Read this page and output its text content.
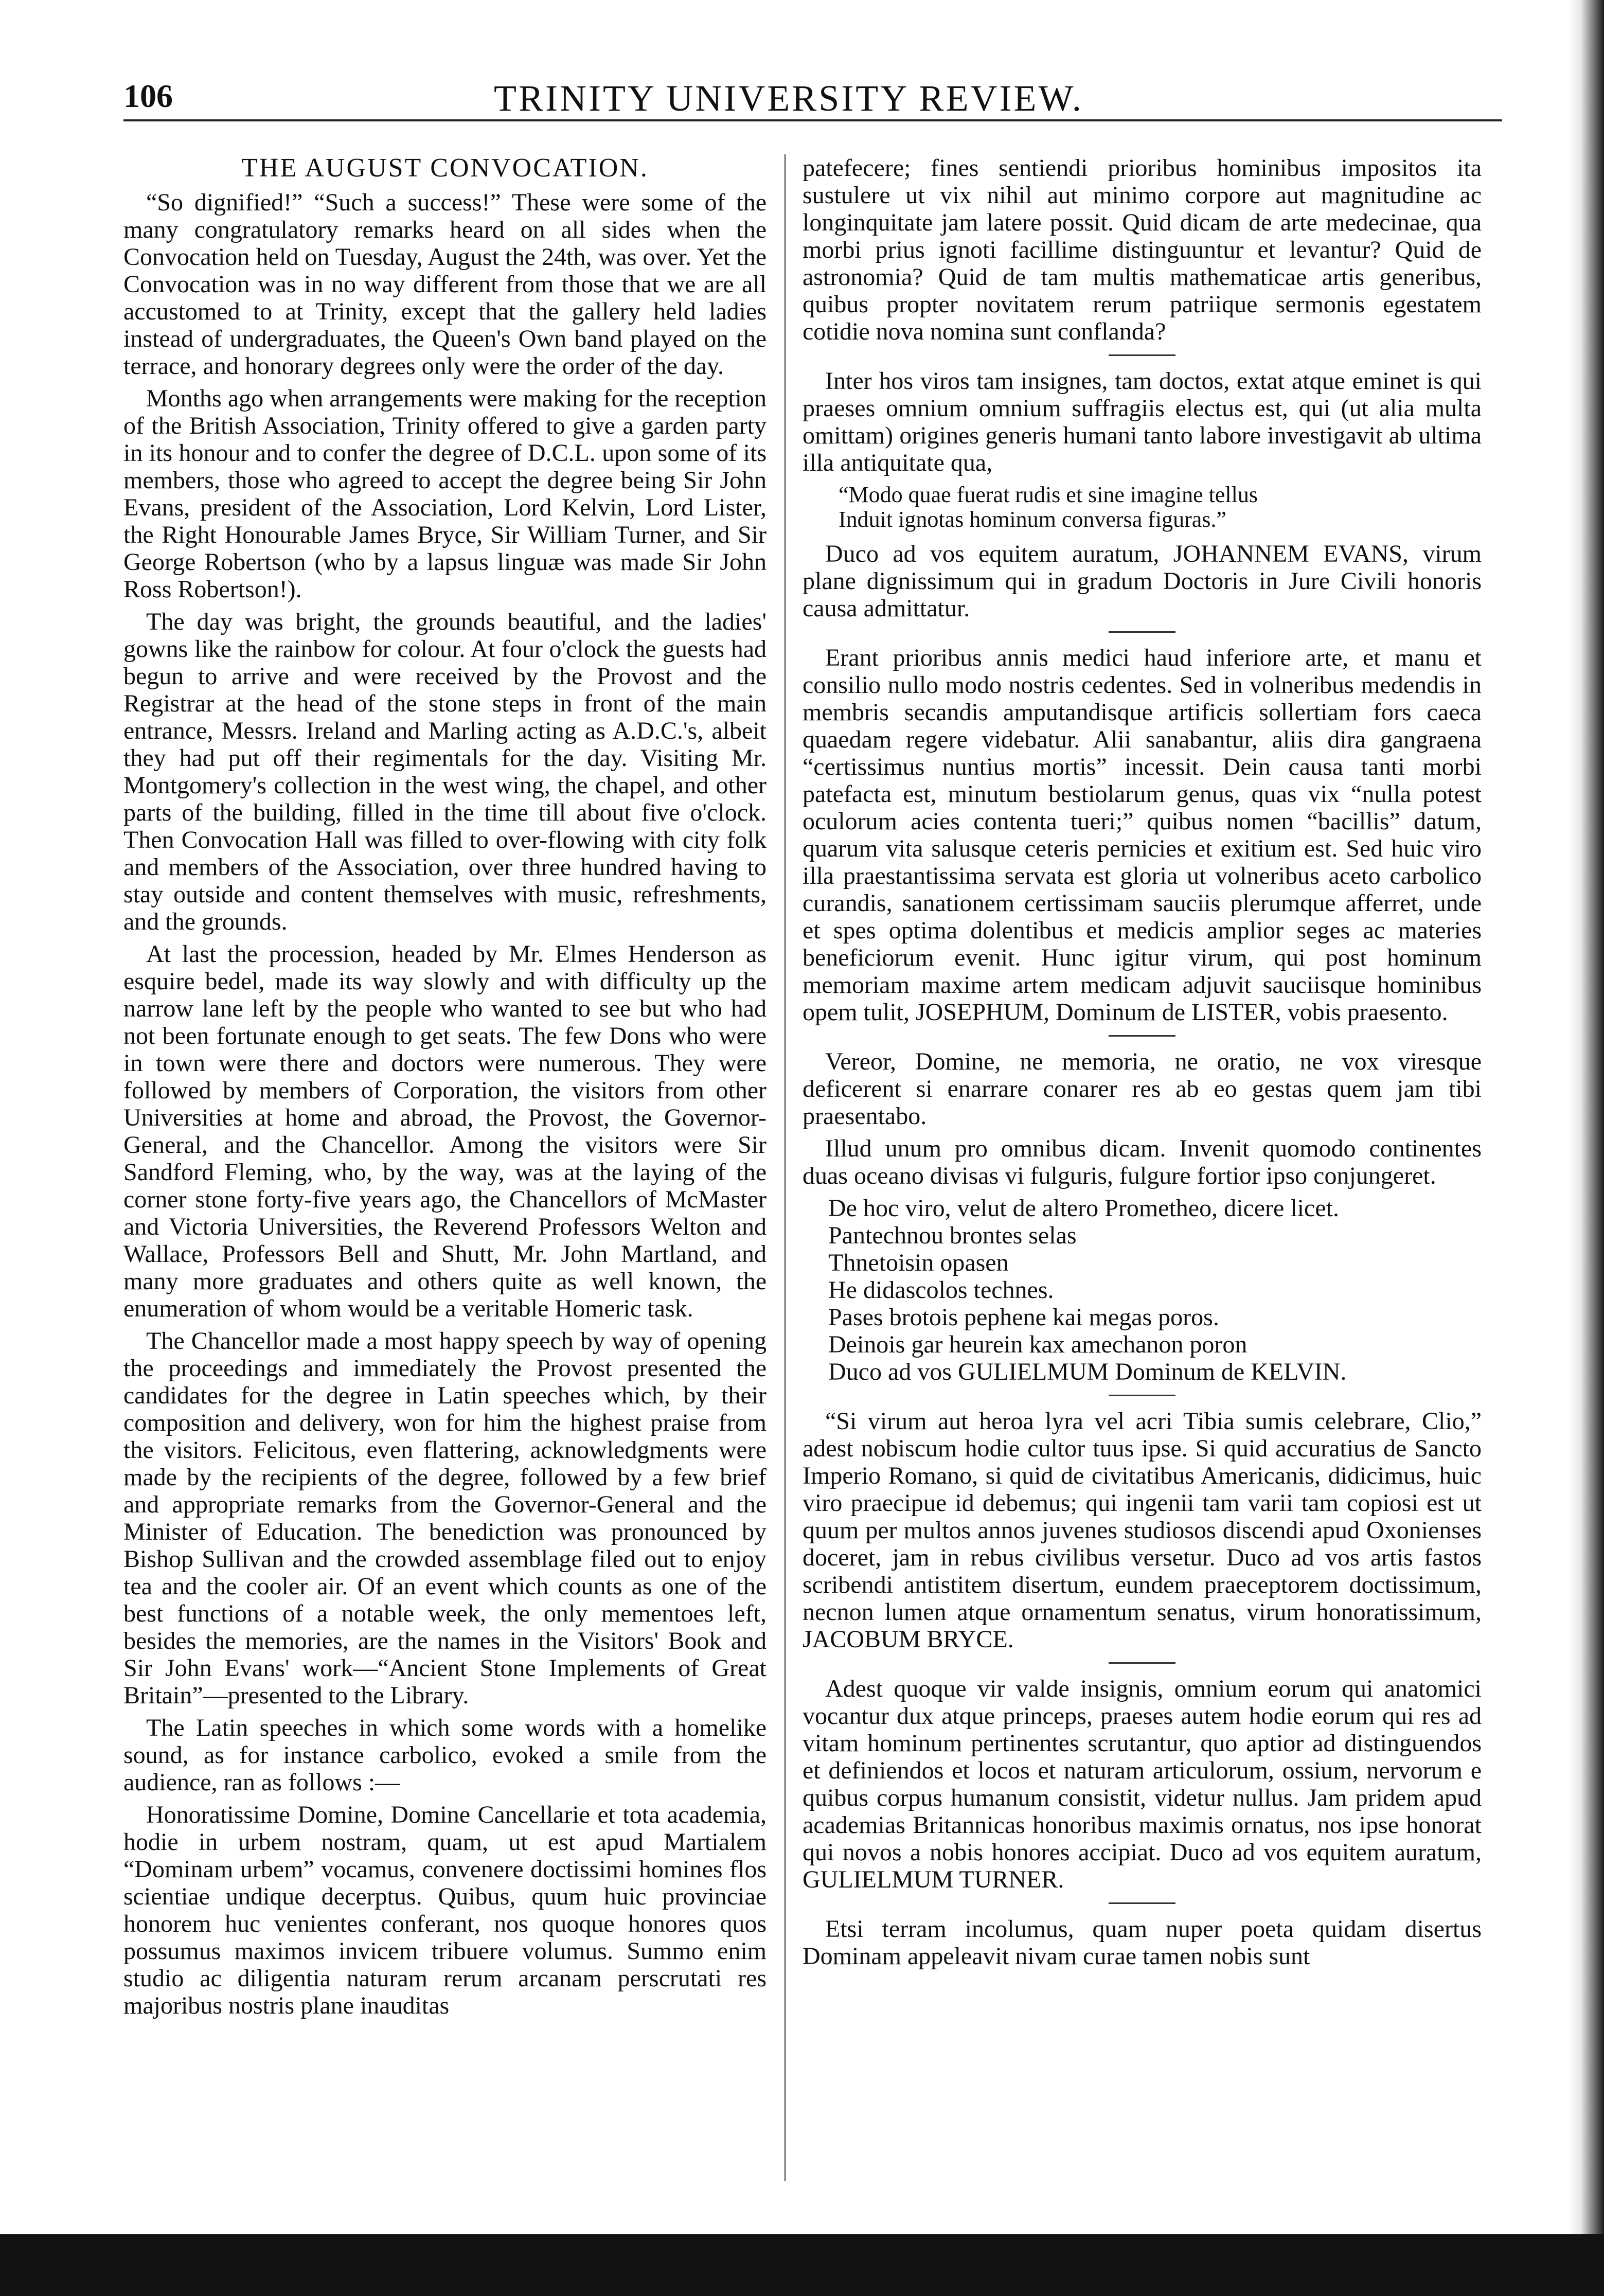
106	TRINITY UNIVERSITY REVIEW.
THE AUGUST CONVOCATION.

“So dignified!” “Such a success!” These were some of the many congratulatory remarks heard on all sides when the Convocation held on Tuesday, August the 24th, was over. Yet the Convocation was in no way different from those that we are all accustomed to at Trinity, except that the gallery held ladies instead of undergraduates, the Queen's Own band played on the terrace, and honorary degrees only were the order of the day.

Months ago when arrangements were making for the reception of the British Association, Trinity offered to give a garden party in its honour and to confer the degree of D.C.L. upon some of its members, those who agreed to accept the degree being Sir John Evans, president of the Association, Lord Kelvin, Lord Lister, the Right Honourable James Bryce, Sir William Turner, and Sir George Robertson (who by a lapsus linguæ was made Sir John Ross Robertson!).

The day was bright, the grounds beautiful, and the ladies' gowns like the rainbow for colour. At four o'clock the guests had begun to arrive and were received by the Provost and the Registrar at the head of the stone steps in front of the main entrance, Messrs. Ireland and Marling acting as A.D.C.'s, albeit they had put off their regimentals for the day. Visiting Mr. Montgomery's collection in the west wing, the chapel, and other parts of the building, filled in the time till about five o'clock. Then Convocation Hall was filled to over-flowing with city folk and members of the Association, over three hundred having to stay outside and content themselves with music, refreshments, and the grounds.

At last the procession, headed by Mr. Elmes Henderson as esquire bedel, made its way slowly and with difficulty up the narrow lane left by the people who wanted to see but who had not been fortunate enough to get seats. The few Dons who were in town were there and doctors were numerous. They were followed by members of Corporation, the visitors from other Universities at home and abroad, the Provost, the Governor-General, and the Chancellor. Among the visitors were Sir Sandford Fleming, who, by the way, was at the laying of the corner stone forty-five years ago, the Chancellors of McMaster and Victoria Universities, the Reverend Professors Welton and Wallace, Professors Bell and Shutt, Mr. John Martland, and many more graduates and others quite as well known, the enumeration of whom would be a veritable Homeric task.

The Chancellor made a most happy speech by way of opening the proceedings and immediately the Provost presented the candidates for the degree in Latin speeches which, by their composition and delivery, won for him the highest praise from the visitors. Felicitous, even flattering, acknowledgments were made by the recipients of the degree, followed by a few brief and appropriate remarks from the Governor-General and the Minister of Education. The benediction was pronounced by Bishop Sullivan and the crowded assemblage filed out to enjoy tea and the cooler air. Of an event which counts as one of the best functions of a notable week, the only mementoes left, besides the memories, are the names in the Visitors' Book and Sir John Evans' work—“Ancient Stone Implements of Great Britain”—presented to the Library.

The Latin speeches in which some words with a homelike sound, as for instance carbolico, evoked a smile from the audience, ran as follows :—

Honoratissime Domine, Domine Cancellarie et tota academia, hodie in urbem nostram, quam, ut est apud Martialem “Dominam urbem” vocamus, convenere doctissimi homines flos scientiae undique decerptus. Quibus, quum huic provinciae honorem huc venientes conferant, nos quoque honores quos possumus maximos invicem tribuere volumus. Summo enim studio ac diligentia naturam rerum arcanam perscrutati res majoribus nostris plane inauditas

patefecere; fines sentiendi prioribus hominibus impositos ita sustulere ut vix nihil aut minimo corpore aut magnitudine ac longinquitate jam latere possit. Quid dicam de arte medecinae, qua morbi prius ignoti facillime distinguuntur et levantur? Quid de astronomia? Quid de tam multis mathematicae artis generibus, quibus propter novitatem rerum patriique sermonis egestatem cotidie nova nomina sunt conflanda?

Inter hos viros tam insignes, tam doctos, extat atque eminet is qui praeses omnium omnium suffragiis electus est, qui (ut alia multa omittam) origines generis humani tanto labore investigavit ab ultima illa antiquitate qua,

“Modo quae fuerat rudis et sine imagine tellus
Induit ignotas hominum conversa figuras.”

Duco ad vos equitem auratum, JOHANNEM EVANS, virum plane dignissimum qui in gradum Doctoris in Jure Civili honoris causa admittatur.

Erant prioribus annis medici haud inferiore arte, et manu et consilio nullo modo nostris cedentes. Sed in volneribus medendis in membris secandis amputandisque artificis sollertiam fors caeca quaedam regere videbatur. Alii sanabantur, aliis dira gangraena “certissimus nuntius mortis” incessit. Dein causa tanti morbi patefacta est, minutum bestiolarum genus, quas vix “nulla potest oculorum acies contenta tueri;” quibus nomen “bacillis” datum, quarum vita salusque ceteris pernicies et exitium est. Sed huic viro illa praestantissima servata est gloria ut volneribus aceto carbolico curandis, sanationem certissimam sauciis plerumque afferret, unde et spes optima dolentibus et medicis amplior seges ac materies beneficiorum evenit. Hunc igitur virum, qui post hominum memoriam maxime artem medicam adjuvit sauciisque hominibus opem tulit, JOSEPHUM, Dominum de LISTER, vobis praesento.

Vereor, Domine, ne memoria, ne oratio, ne vox viresque deficerent si enarrare conarer res ab eo gestas quem jam tibi praesentabo.

Illud unum pro omnibus dicam. Invenit quomodo continentes duas oceano divisas vi fulguris, fulgure fortior ipso conjungeret.

De hoc viro, velut de altero Prometheo, dicere licet.
Pantechnou brontes selas
Thnetoisin opasen
He didascolos technes.
Pases brotois pephene kai megas poros.
Deinois gar heurein kax amechanon poron
Duco ad vos GULIELMUM Dominum de KELVIN.

“Si virum aut heroa lyra vel acri Tibia sumis celebrare, Clio,” adest nobiscum hodie cultor tuus ipse. Si quid accuratius de Sancto Imperio Romano, si quid de civitatibus Americanis, didicimus, huic viro praecipue id debemus; qui ingenii tam varii tam copiosi est ut quum per multos annos juvenes studiosos discendi apud Oxonienses doceret, jam in rebus civilibus versetur. Duco ad vos artis fastos scribendi antistitem disertum, eundem praeceptorem doctissimum, necnon lumen atque ornamentum senatus, virum honoratissimum, JACOBUM BRYCE.

Adest quoque vir valde insignis, omnium eorum qui anatomici vocantur dux atque princeps, praeses autem hodie eorum qui res ad vitam hominum pertinentes scrutantur, quo aptior ad distinguendos et definiendos et locos et naturam articulorum, ossium, nervorum e quibus corpus humanum consistit, videtur nullus. Jam pridem apud academias Britannicas honoribus maximis ornatus, nos ipse honorat qui novos a nobis honores accipiat. Duco ad vos equitem auratum, GULIELMUM TURNER.

Etsi terram incolumus, quam nuper poeta quidam disertus Dominam appeleavit nivam curae tamen nobis sunt
